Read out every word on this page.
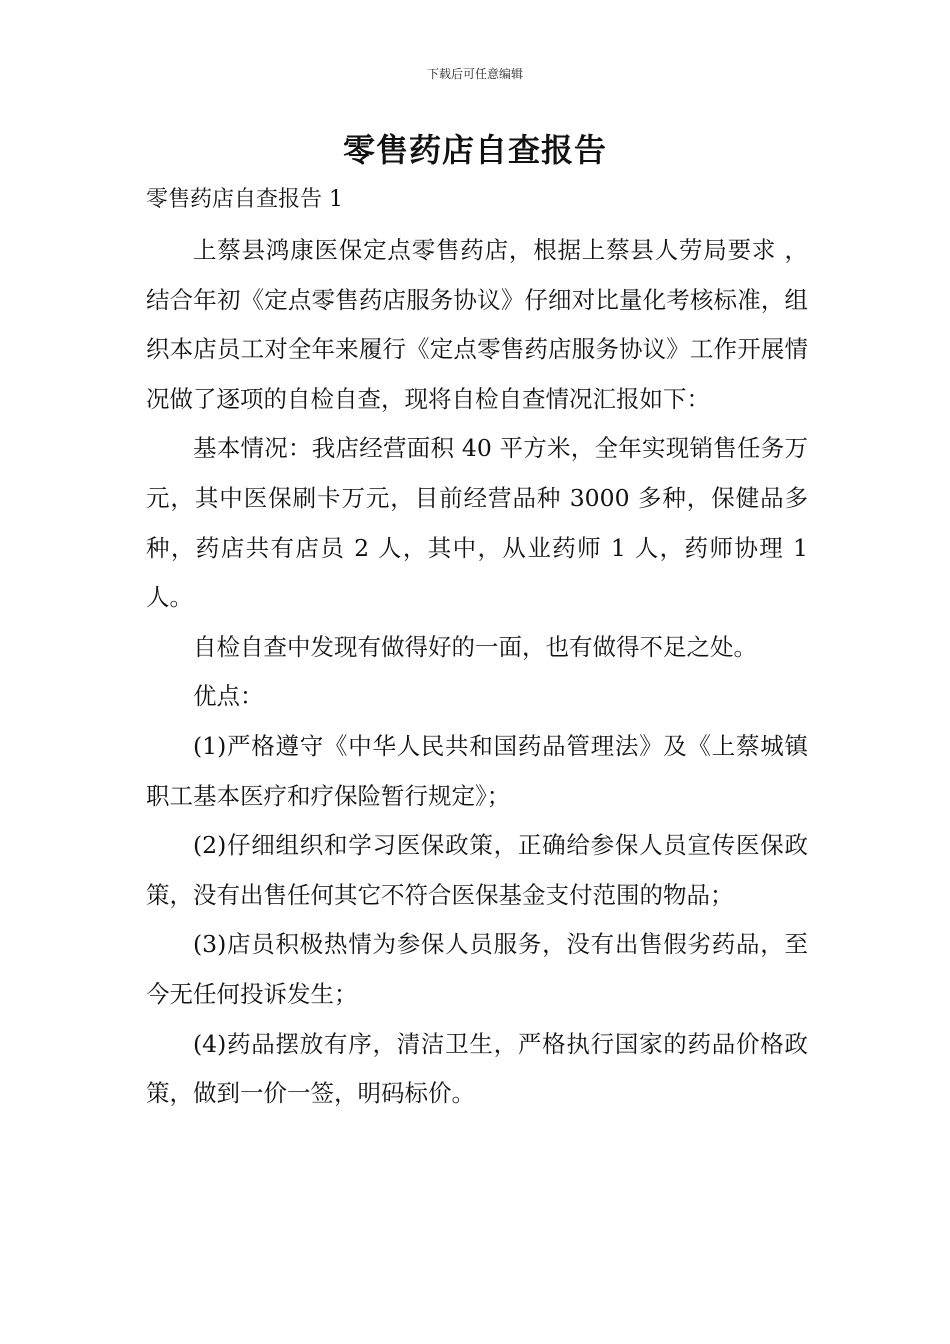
下载后可任意编辑
零售药店自查报告
零售药店自查报告 1

上蔡县鸿康医保定点零售药店，根据上蔡县人劳局要求 ，结合年初《定点零售药店服务协议》仔细对比量化考核标准，组织本店员工对全年来履行《定点零售药店服务协议》工作开展情况做了逐项的自检自查，现将自检自查情况汇报如下：

基本情况：我店经营面积 40 平方米，全年实现销售任务万元，其中医保刷卡万元，目前经营品种 3000 多种，保健品多种，药店共有店员 2 人，其中，从业药师 1 人，药师协理 1 人。

自检自查中发现有做得好的一面，也有做得不足之处。

优点：

(1)严格遵守《中华人民共和国药品管理法》及《上蔡城镇职工基本医疗和疗保险暂行规定》；

(2)仔细组织和学习医保政策，正确给参保人员宣传医保政策，没有出售任何其它不符合医保基金支付范围的物品；

(3)店员积极热情为参保人员服务，没有出售假劣药品，至今无任何投诉发生；

(4)药品摆放有序，清洁卫生，严格执行国家的药品价格政策，做到一价一签，明码标价。
